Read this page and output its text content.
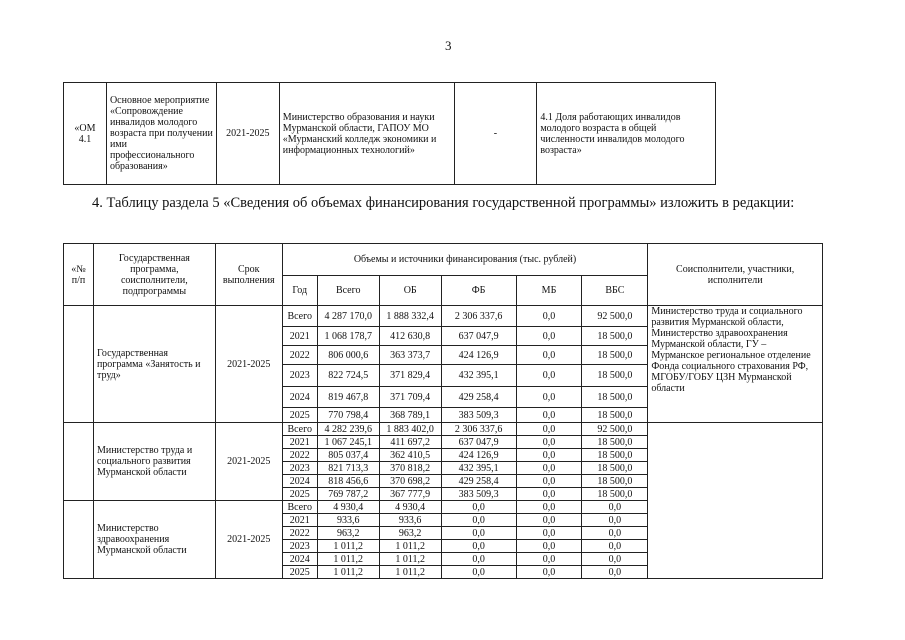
3
«ОМ 4.1	Основное мероприятие «Сопровождение инвалидов молодого возраста при получении ими профессионального образования»	2021-2025	Министерство образования и науки Мурманской области, ГАПОУ МО «Мурманский колледж экономики и информационных технологий»	-	4.1 Доля работающих инвалидов молодого возраста в общей численности инвалидов молодого возраста»
4. Таблицу раздела 5 «Сведения об объемах финансирования государственной программы» изложить в редакции:
«№ п/п	Государственная программа, соисполнители, подпрограммы	Срок выполнения	Объемы и источники финансирования (тыс. рублей)						Соисполнители, участники, исполнители
			Год	Всего	ОБ	ФБ	МБ	ВБС	
	Государственная программа «Занятость и труд»	2021-2025	Всего	4 287 170,0	1 888 332,4	2 306 337,6	0,0	92 500,0	Министерство труда и социального развития Мурманской области, Министерство здравоохранения Мурманской области, ГУ – Мурманское региональное отделение Фонда социального страхования РФ, МГОБУ/ГОБУ ЦЗН Мурманской области
			2021	1 068 178,7	412 630,8	637 047,9	0,0	18 500,0	
			2022	806 000,6	363 373,7	424 126,9	0,0	18 500,0	
			2023	822 724,5	371 829,4	432 395,1	0,0	18 500,0	
			2024	819 467,8	371 709,4	429 258,4	0,0	18 500,0	
			2025	770 798,4	368 789,1	383 509,3	0,0	18 500,0	
	Министерство труда и социального развития Мурманской области	2021-2025	Всего	4 282 239,6	1 883 402,0	2 306 337,6	0,0	92 500,0	
			2021	1 067 245,1	411 697,2	637 047,9	0,0	18 500,0	
			2022	805 037,4	362 410,5	424 126,9	0,0	18 500,0	
			2023	821 713,3	370 818,2	432 395,1	0,0	18 500,0	
			2024	818 456,6	370 698,2	429 258,4	0,0	18 500,0	
			2025	769 787,2	367 777,9	383 509,3	0,0	18 500,0	
	Министерство здравоохранения Мурманской области	2021-2025	Всего	4 930,4	4 930,4	0,0	0,0	0,0	
			2021	933,6	933,6	0,0	0,0	0,0	
			2022	963,2	963,2	0,0	0,0	0,0	
			2023	1 011,2	1 011,2	0,0	0,0	0,0	
			2024	1 011,2	1 011,2	0,0	0,0	0,0	
			2025	1 011,2	1 011,2	0,0	0,0	0,0	
